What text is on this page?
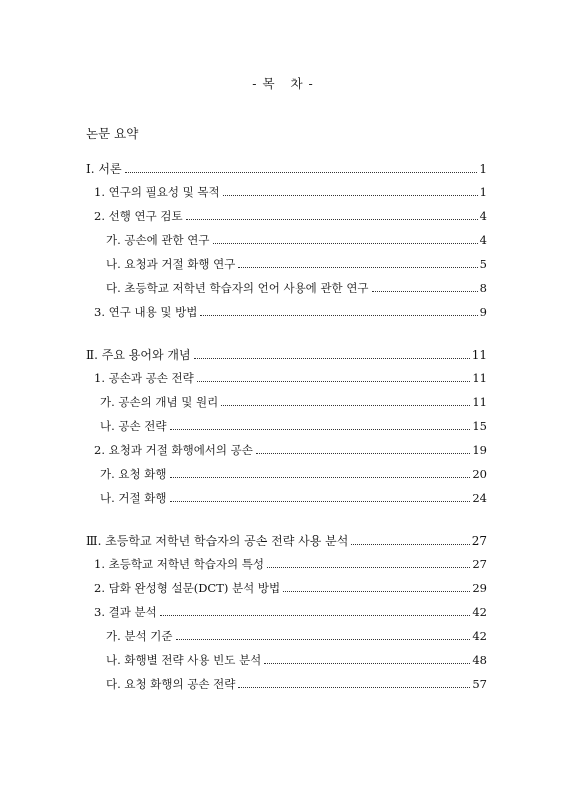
- 목   차 -
논문 요약
Ⅰ. 서론	1
1. 연구의 필요성 및 목적	1
2. 선행 연구 검토	4
가. 공손에 관한 연구	4
나. 요청과 거절 화행 연구	5
다. 초등학교 저학년 학습자의 언어 사용에 관한 연구	8
3. 연구 내용 및 방법	9
Ⅱ. 주요 용어와 개념	11
1. 공손과 공손 전략	11
가. 공손의 개념 및 원리	11
나. 공손 전략	15
2. 요청과 거절 화행에서의 공손	19
가. 요청 화행	20
나. 거절 화행	24
Ⅲ. 초등학교 저학년 학습자의 공손 전략 사용 분석	27
1. 초등학교 저학년 학습자의 특성	27
2. 담화 완성형 설문(DCT) 분석 방법	29
3. 결과 분석	42
가. 분석 기준	42
나. 화행별 전략 사용 빈도 분석	48
다. 요청 화행의 공손 전략	57
